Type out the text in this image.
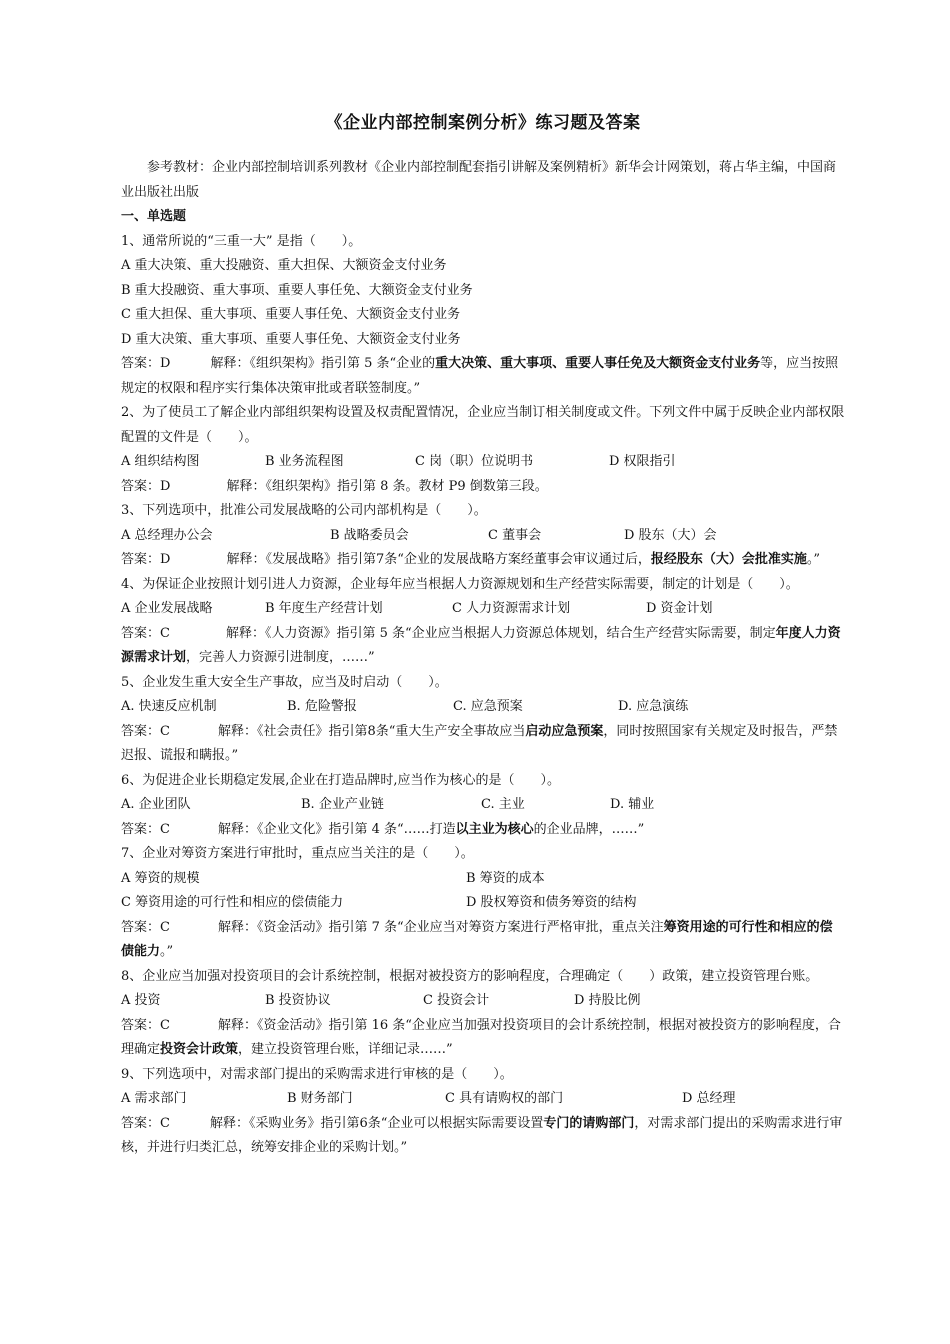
《企业内部控制案例分析》练习题及答案

参考教材：企业内部控制培训系列教材《企业内部控制配套指引讲解及案例精析》新华会计网策划，蒋占华主编，中国商业出版社出版

一、单选题

1、通常所说的“三重一大” 是指（　　）。

A 重大决策、重大投融资、重大担保、大额资金支付业务

B 重大投融资、重大事项、重要人事任免、大额资金支付业务

C 重大担保、重大事项、重要人事任免、大额资金支付业务

D 重大决策、重大事项、重要人事任免、大额资金支付业务

答案：D	解释：《组织架构》指引第 5 条“企业的重大决策、重大事项、重要人事任免及大额资金支付业务等，应当按照规定的权限和程序实行集体决策审批或者联签制度。”

2、为了使员工了解企业内部组织架构设置及权责配置情况，企业应当制订相关制度或文件。下列文件中属于反映企业内部权限配置的文件是（　　）。

A 组织结构图	B 业务流程图	C 岗（职）位说明书	D 权限指引

答案：D	解释：《组织架构》指引第 8 条。教材 P9 倒数第三段。

3、下列选项中，批准公司发展战略的公司内部机构是（　　）。

A 总经理办公会	B 战略委员会	C 董事会	D 股东（大）会

答案：D	解释：《发展战略》指引第7条“企业的发展战略方案经董事会审议通过后，报经股东（大）会批准实施。”

4、为保证企业按照计划引进人力资源，企业每年应当根据人力资源规划和生产经营实际需要，制定的计划是（　　）。

A 企业发展战略	B 年度生产经营计划	C 人力资源需求计划	D 资金计划

答案：C	解释：《人力资源》指引第 5 条“企业应当根据人力资源总体规划，结合生产经营实际需要，制定年度人力资源需求计划，完善人力资源引进制度，……”

5、企业发生重大安全生产事故，应当及时启动（　　）。

A. 快速反应机制	B. 危险警报	C. 应急预案	D. 应急演练

答案：C	解释：《社会责任》指引第8条“重大生产安全事故应当启动应急预案，同时按照国家有关规定及时报告，严禁迟报、谎报和瞒报。”

6、为促进企业长期稳定发展,企业在打造品牌时,应当作为核心的是（　　）。

A. 企业团队	B. 企业产业链	C. 主业	D. 辅业

答案：C	解释：《企业文化》指引第 4 条“……打造以主业为核心的企业品牌，……”

7、企业对筹资方案进行审批时，重点应当关注的是（　　）。

A 筹资的规模	B 筹资的成本
C 筹资用途的可行性和相应的偿债能力	D 股权筹资和债务筹资的结构

答案：C	解释：《资金活动》指引第 7 条“企业应当对筹资方案进行严格审批，重点关注筹资用途的可行性和相应的偿债能力。”

8、企业应当加强对投资项目的会计系统控制，根据对被投资方的影响程度，合理确定（　　）政策，建立投资管理台账。

A 投资	B 投资协议	C 投资会计	D 持股比例

答案：C	解释：《资金活动》指引第 16 条“企业应当加强对投资项目的会计系统控制，根据对被投资方的影响程度，合理确定投资会计政策，建立投资管理台账，详细记录……”

9、下列选项中，对需求部门提出的采购需求进行审核的是（　　）。

A 需求部门	B 财务部门	C 具有请购权的部门	D 总经理

答案：C	解释：《采购业务》指引第6条“企业可以根据实际需要设置专门的请购部门，对需求部门提出的采购需求进行审核，并进行归类汇总，统筹安排企业的采购计划。”
